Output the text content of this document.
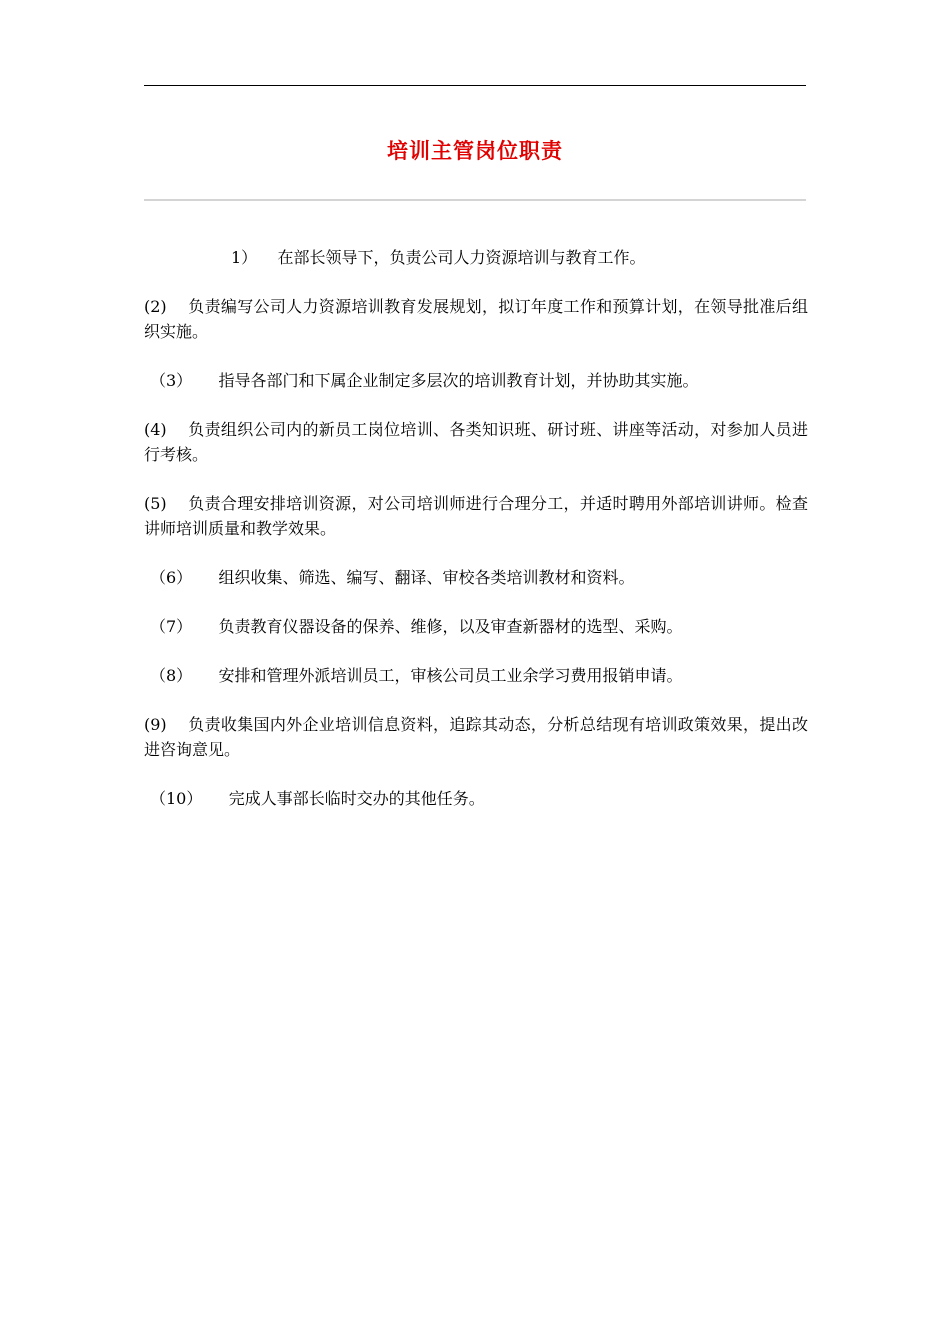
培训主管岗位职责
1） 在部长领导下，负责公司人力资源培训与教育工作。
(2) 负责编写公司人力资源培训教育发展规划，拟订年度工作和预算计划，在领导批准后组织实施。
（3） 指导各部门和下属企业制定多层次的培训教育计划，并协助其实施。
(4) 负责组织公司内的新员工岗位培训、各类知识班、研讨班、讲座等活动，对参加人员进行考核。
(5) 负责合理安排培训资源，对公司培训师进行合理分工，并适时聘用外部培训讲师。检查讲师培训质量和教学效果。
（6） 组织收集、筛选、编写、翻译、审校各类培训教材和资料。
（7） 负责教育仪器设备的保养、维修，以及审查新器材的选型、采购。
（8） 安排和管理外派培训员工，审核公司员工业余学习费用报销申请。
(9) 负责收集国内外企业培训信息资料，追踪其动态，分析总结现有培训政策效果，提出改进咨询意见。
（10） 完成人事部长临时交办的其他任务。
